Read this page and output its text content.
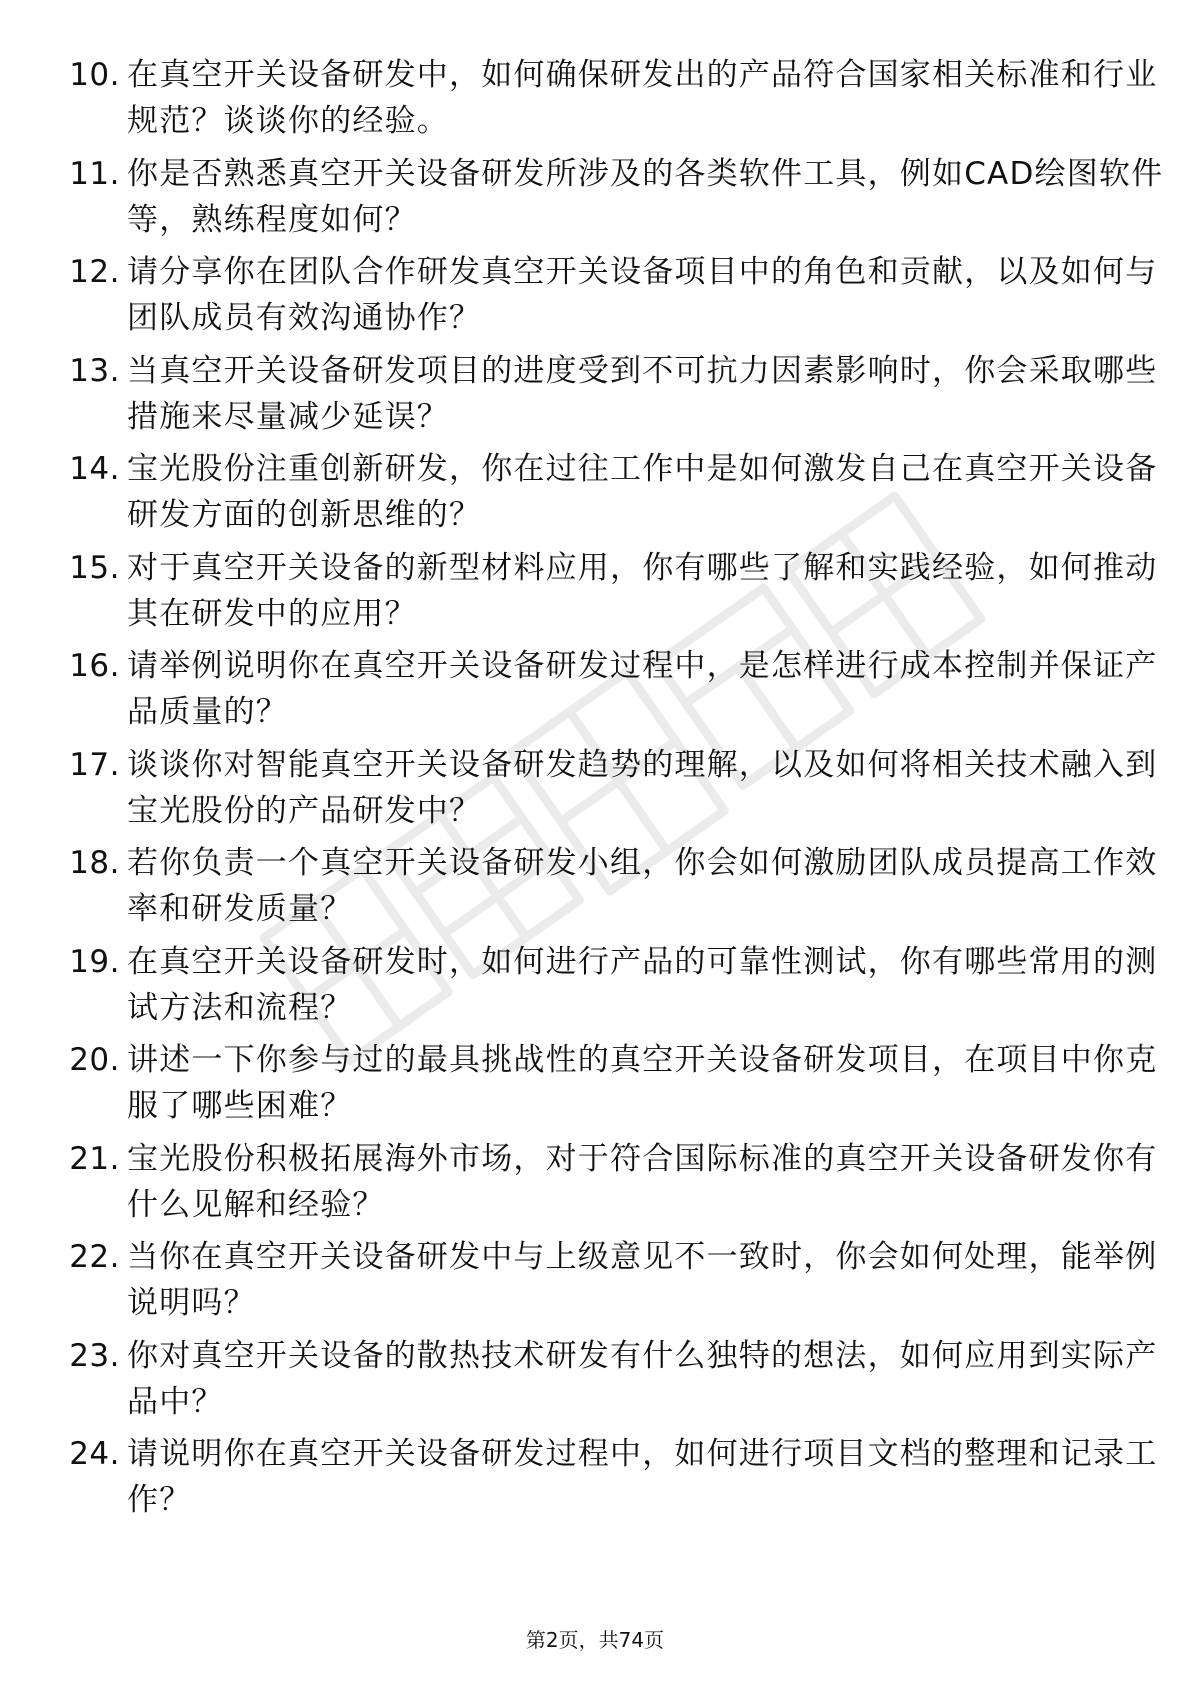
10. 在真空开关设备研发中，如何确保研发出的产品符合国家相关标准和行业规范？谈谈你的经验。
11. 你是否熟悉真空开关设备研发所涉及的各类软件工具，例如CAD绘图软件等，熟练程度如何？
12. 请分享你在团队合作研发真空开关设备项目中的角色和贡献，以及如何与团队成员有效沟通协作？
13. 当真空开关设备研发项目的进度受到不可抗力因素影响时，你会采取哪些措施来尽量减少延误？
14. 宝光股份注重创新研发，你在过往工作中是如何激发自己在真空开关设备研发方面的创新思维的？
15. 对于真空开关设备的新型材料应用，你有哪些了解和实践经验，如何推动其在研发中的应用？
16. 请举例说明你在真空开关设备研发过程中，是怎样进行成本控制并保证产品质量的？
17. 谈谈你对智能真空开关设备研发趋势的理解，以及如何将相关技术融入到宝光股份的产品研发中？
18. 若你负责一个真空开关设备研发小组，你会如何激励团队成员提高工作效率和研发质量？
19. 在真空开关设备研发时，如何进行产品的可靠性测试，你有哪些常用的测试方法和流程？
20. 讲述一下你参与过的最具挑战性的真空开关设备研发项目，在项目中你克服了哪些困难？
21. 宝光股份积极拓展海外市场，对于符合国际标准的真空开关设备研发你有什么见解和经验？
22. 当你在真空开关设备研发中与上级意见不一致时，你会如何处理，能举例说明吗？
23. 你对真空开关设备的散热技术研发有什么独特的想法，如何应用到实际产品中？
24. 请说明你在真空开关设备研发过程中，如何进行项目文档的整理和记录工作？
第2页，共74页
